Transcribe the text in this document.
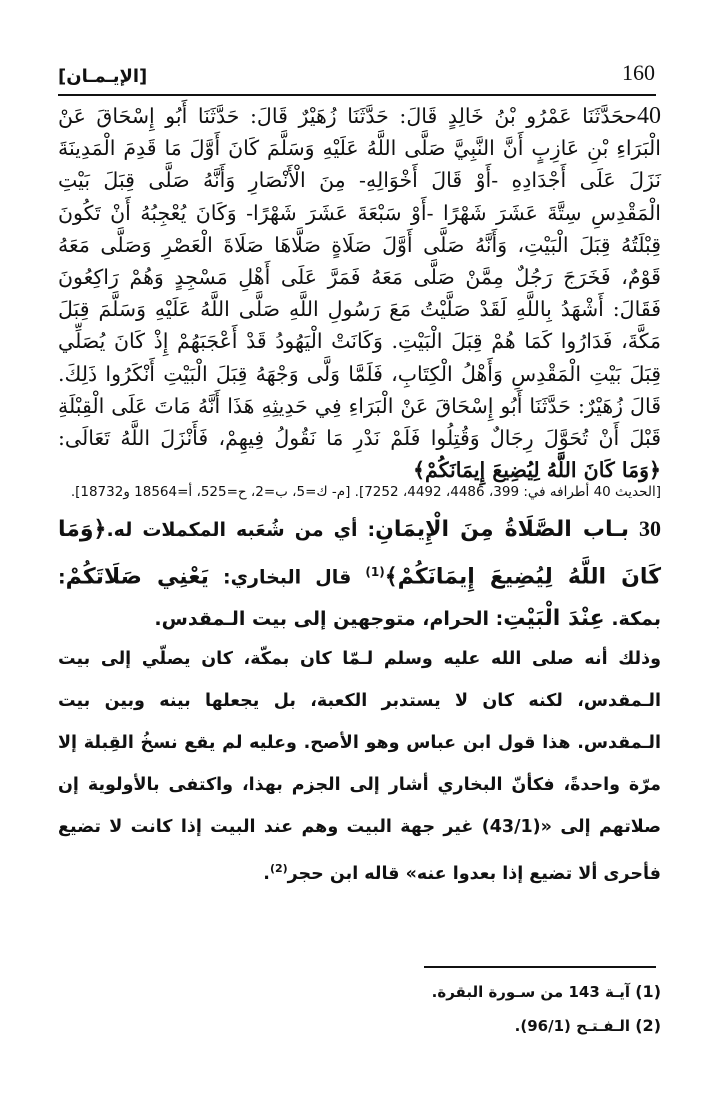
160
[الإيـمـان]
40ححَدَّثَنَا عَمْرُو بْنُ خَالِدٍ قَالَ: حَدَّثَنَا زُهَيْرٌ قَالَ: حَدَّثَنَا أَبُو إِسْحَاقَ عَنْ الْبَرَاءِ بْنِ عَازِبٍ أَنَّ النَّبِيَّ صَلَّى اللَّهُ عَلَيْهِ وَسَلَّمَ كَانَ أَوَّلَ مَا قَدِمَ الْمَدِينَةَ نَزَلَ عَلَى أَجْدَادِهِ -أَوْ قَالَ أَخْوَالِهِ- مِنَ الْأَنْصَارِ وَأَنَّهُ صَلَّى قِبَلَ بَيْتِ الْمَقْدِسِ سِتَّةَ عَشَرَ شَهْرًا -أَوْ سَبْعَةَ عَشَرَ شَهْرًا- وَكَانَ يُعْجِبُهُ أَنْ تَكُونَ قِبْلَتُهُ قِبَلَ الْبَيْتِ، وَأَنَّهُ صَلَّى أَوَّلَ صَلَاةٍ صَلَّاهَا صَلَاةَ الْعَصْرِ وَصَلَّى مَعَهُ قَوْمٌ، فَخَرَجَ رَجُلٌ مِمَّنْ صَلَّى مَعَهُ فَمَرَّ عَلَى أَهْلِ مَسْجِدٍ وَهُمْ رَاكِعُونَ فَقَالَ: أَشْهَدُ بِاللَّهِ لَقَدْ صَلَّيْتُ مَعَ رَسُولِ اللَّهِ صَلَّى اللَّهُ عَلَيْهِ وَسَلَّمَ قِبَلَ مَكَّةَ، فَدَارُوا كَمَا هُمْ قِبَلَ الْبَيْتِ. وَكَانَتْ الْيَهُودُ قَدْ أَعْجَبَهُمْ إِذْ كَانَ يُصَلِّي قِبَلَ بَيْتِ الْمَقْدِسِ وَأَهْلُ الْكِتَابِ، فَلَمَّا وَلَّى وَجْهَهُ قِبَلَ الْبَيْتِ أَنْكَرُوا ذَلِكَ. قَالَ زُهَيْرٌ: حَدَّثَنَا أَبُو إِسْحَاقَ عَنْ الْبَرَاءِ فِي حَدِيثِهِ هَذَا أَنَّهُ مَاتَ عَلَى الْقِبْلَةِ قَبْلَ أَنْ تُحَوَّلَ رِجَالٌ وَقُتِلُوا فَلَمْ نَدْرِ مَا نَقُولُ فِيهِمْ، فَأَنْزَلَ اللَّهُ تَعَالَى: ﴿وَمَا كَانَ اللَّهُ لِيُضِيعَ إِيمَانَكُمْ﴾
[الحديث 40 أطرافه في: 399، 4486، 4492، 7252]. [م- ك=5، ب=2، ح=525، أ=18564 و18732].
30 بـاب الصَّلَاةُ مِنَ الْإِيمَانِ: أي من شُعَبه المكملات له.﴿وَمَا كَانَ اللَّهُ لِيُضِيعَ إِيمَانَكُمْ﴾$^{(1)}$ قال البخاري: يَعْنِي صَلَاتَكُمْ: بمكة. عِنْدَ الْبَيْتِ: الحرام، متوجهين إلى بيت الـمقدس.
وذلك أنه صلى الله عليه وسلم لـمّا كان بمكّة، كان يصلّي إلى بيت الـمقدس، لكنه كان لا يستدبر الكعبة، بل يجعلها بينه وبين بيت الـمقدس. هذا قول ابن عباس وهو الأصح. وعليه لم يقع نسخُ القِبلة إلا مرّة واحدةً، فكأنّ البخاري أشار إلى الجزم بهذا، واكتفى بالأولوية إن صلاتهم إلى «(43/1) غير جهة البيت وهم عند البيت إذا كانت لا تضيع فأحرى ألا تضيع إذا بعدوا عنه» قاله ابن حجر$^{(2)}$.
(1) آيـة 143 من سـورة البقرة.
(2) الـفـتـح (96/1).
